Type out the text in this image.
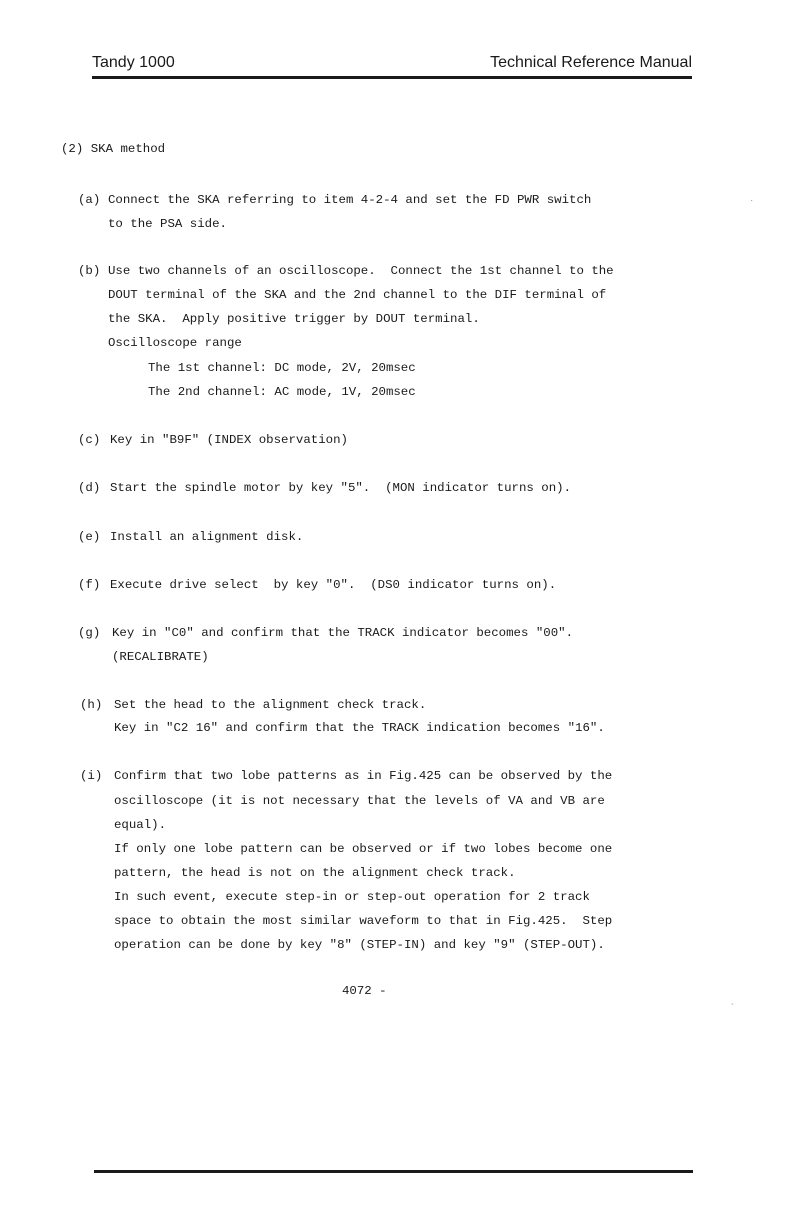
Tandy 1000	Technical Reference Manual
(2) SKA method
(a) Connect the SKA referring to item 4-2-4 and set the FD PWR switch
to the PSA side.
(b) Use two channels of an oscilloscope.  Connect the 1st channel to the
DOUT terminal of the SKA and the 2nd channel to the DIF terminal of
the SKA.  Apply positive trigger by DOUT terminal.
Oscilloscope range
The 1st channel: DC mode, 2V, 20msec
The 2nd channel: AC mode, 1V, 20msec
(c) Key in "B9F" (INDEX observation)
(d) Start the spindle motor by key "5".  (MON indicator turns on).
(e) Install an alignment disk.
(f) Execute drive select  by key "0".  (DS0 indicator turns on).
(g) Key in "C0" and confirm that the TRACK indicator becomes "00".
(RECALIBRATE)
(h) Set the head to the alignment check track.
Key in "C2 16" and confirm that the TRACK indication becomes "16".
(i) Confirm that two lobe patterns as in Fig.425 can be observed by the
oscilloscope (it is not necessary that the levels of VA and VB are
equal).
If only one lobe pattern can be observed or if two lobes become one
pattern, the head is not on the alignment check track.
In such event, execute step-in or step-out operation for 2 track
space to obtain the most similar waveform to that in Fig.425.  Step
operation can be done by key "8" (STEP-IN) and key "9" (STEP-OUT).
4072 -
´
·
